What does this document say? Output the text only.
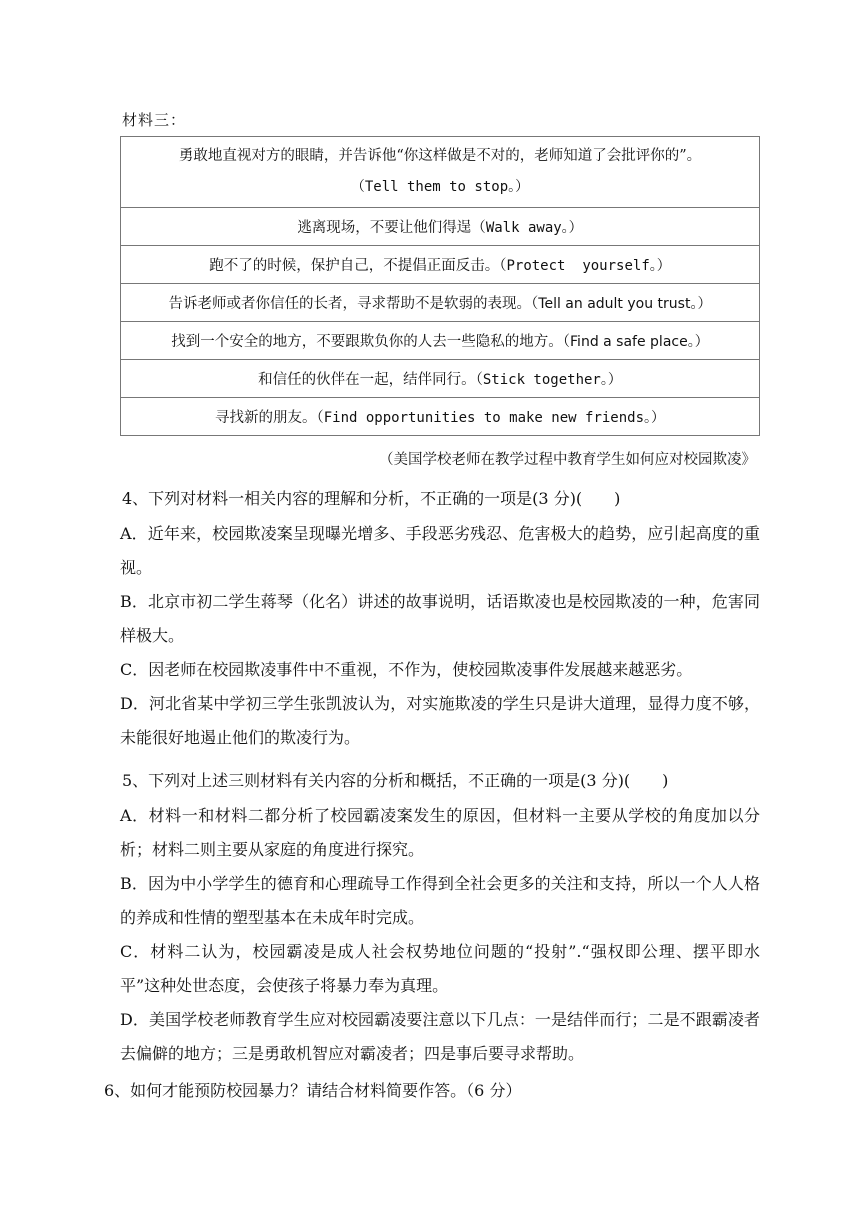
材料三：
勇敢地直视对方的眼睛，并告诉他“你这样做是不对的，老师知道了会批评你的”。
（Tell them to stop。）

逃离现场，不要让他们得逞（Walk away。）
跑不了的时候，保护自己，不提倡正面反击。（Protect  yourself。）
告诉老师或者你信任的长者，寻求帮助不是软弱的表现。（Tell an adult you trust。）
找到一个安全的地方，不要跟欺负你的人去一些隐私的地方。（Find a safe place。）
和信任的伙伴在一起，结伴同行。（Stick together。）
寻找新的朋友。（Find opportunities to make new friends。）
（美国学校老师在教学过程中教育学生如何应对校园欺凌》
4、下列对材料一相关内容的理解和分析，不正确的一项是(3 分)(　　)
A．近年来，校园欺凌案呈现曝光增多、手段恶劣残忍、危害极大的趋势，应引起高度的重视。
B．北京市初二学生蒋琴（化名）讲述的故事说明，话语欺凌也是校园欺凌的一种，危害同样极大。
C．因老师在校园欺凌事件中不重视，不作为，使校园欺凌事件发展越来越恶劣。
D．河北省某中学初三学生张凯波认为，对实施欺凌的学生只是讲大道理，显得力度不够，未能很好地遏止他们的欺凌行为。
5、下列对上述三则材料有关内容的分析和概括，不正确的一项是(3 分)(　　)
A．材料一和材料二都分析了校园霸凌案发生的原因，但材料一主要从学校的角度加以分析；材料二则主要从家庭的角度进行探究。
B．因为中小学学生的德育和心理疏导工作得到全社会更多的关注和支持，所以一个人人格的养成和性情的塑型基本在未成年时完成。
C．材料二认为，校园霸凌是成人社会权势地位问题的“投射”.“强权即公理、摆平即水平”这种处世态度，会使孩子将暴力奉为真理。
D．美国学校老师教育学生应对校园霸凌要注意以下几点：一是结伴而行；二是不跟霸凌者去偏僻的地方；三是勇敢机智应对霸凌者；四是事后要寻求帮助。
6、如何才能预防校园暴力？请结合材料简要作答。（6 分）
